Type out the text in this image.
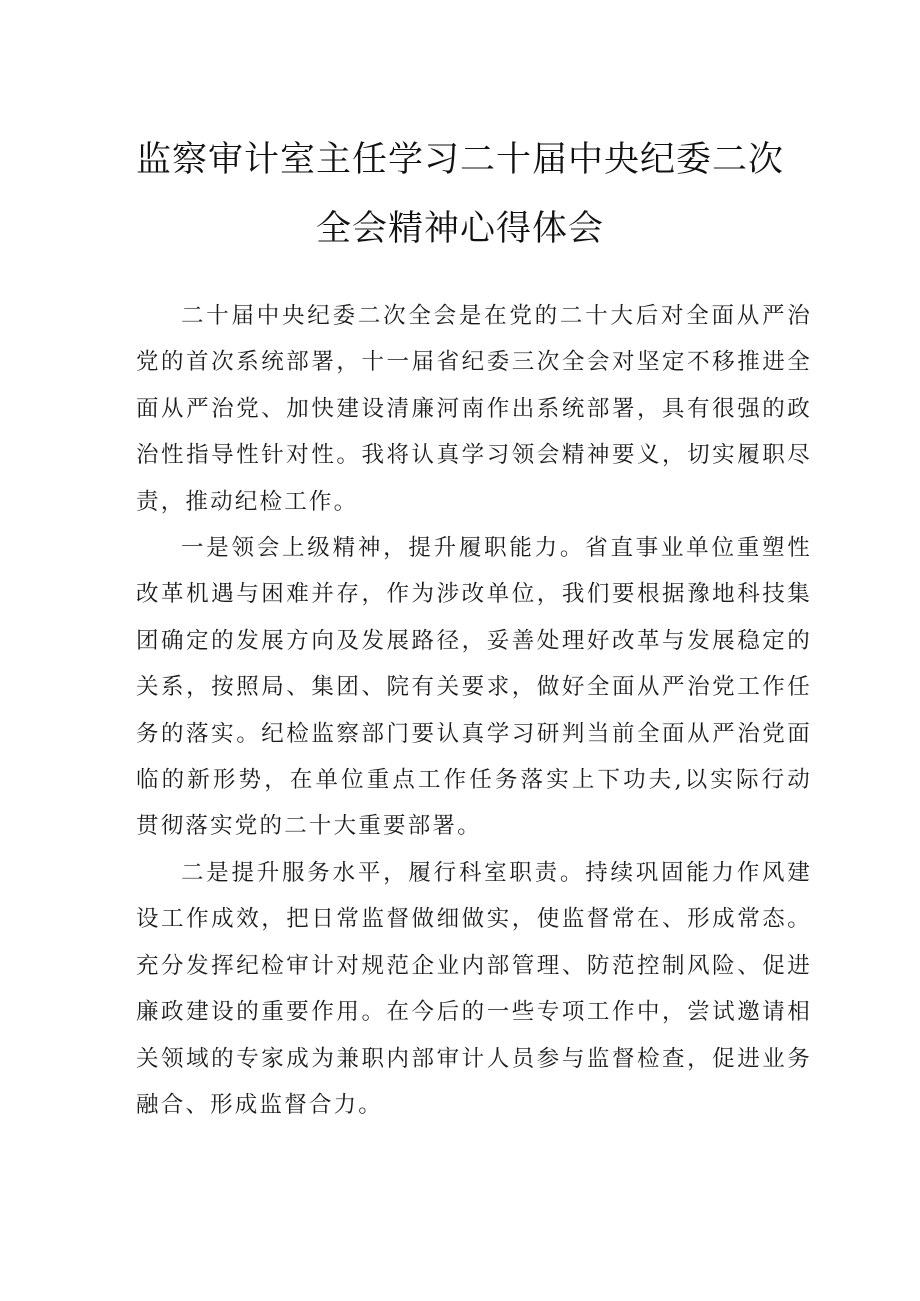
监察审计室主任学习二十届中央纪委二次
全会精神心得体会

二十届中央纪委二次全会是在党的二十大后对全面从严治党的首次系统部署，十一届省纪委三次全会对坚定不移推进全面从严治党、加快建设清廉河南作出系统部署，具有很强的政治性指导性针对性。我将认真学习领会精神要义，切实履职尽责，推动纪检工作。

一是领会上级精神，提升履职能力。省直事业单位重塑性改革机遇与困难并存，作为涉改单位，我们要根据豫地科技集团确定的发展方向及发展路径，妥善处理好改革与发展稳定的关系，按照局、集团、院有关要求，做好全面从严治党工作任务的落实。纪检监察部门要认真学习研判当前全面从严治党面临的新形势，在单位重点工作任务落实上下功夫,以实际行动贯彻落实党的二十大重要部署。

二是提升服务水平，履行科室职责。持续巩固能力作风建设工作成效，把日常监督做细做实，使监督常在、形成常态。充分发挥纪检审计对规范企业内部管理、防范控制风险、促进廉政建设的重要作用。在今后的一些专项工作中，尝试邀请相关领域的专家成为兼职内部审计人员参与监督检查，促进业务融合、形成监督合力。
